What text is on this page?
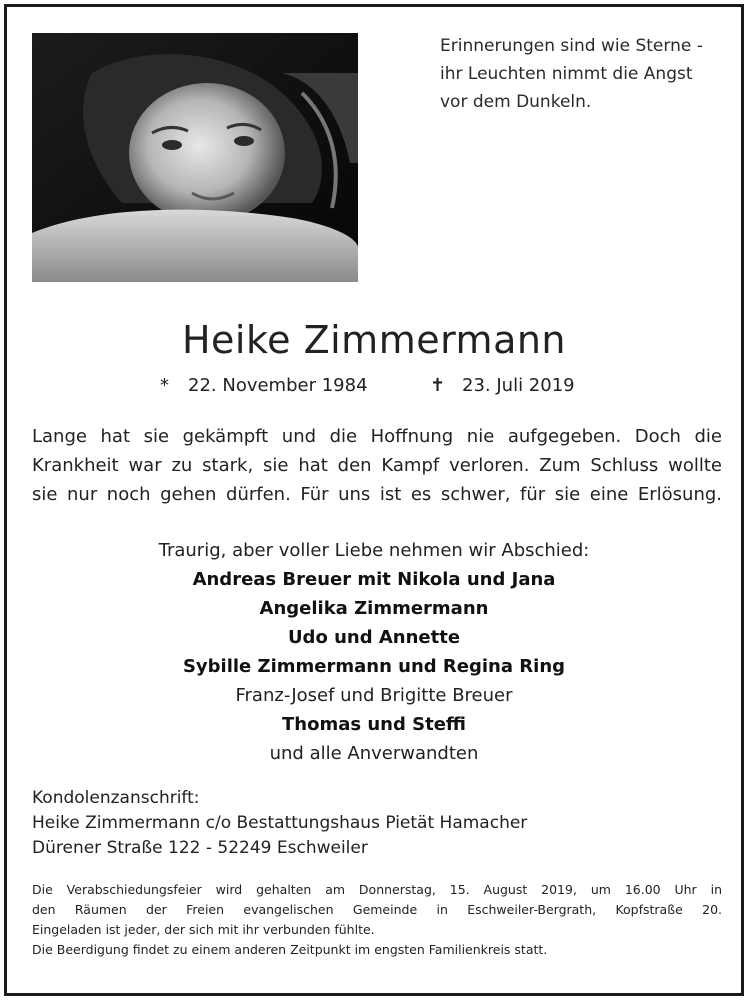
Erinnerungen sind wie Sterne -
ihr Leuchten nimmt die Angst
vor dem Dunkeln.
Heike Zimmermann
* 22. November 1984	✝ 23. Juli 2019
Lange hat sie gekämpft und die Hoffnung nie aufgegeben. Doch die
Krankheit war zu stark, sie hat den Kampf verloren. Zum Schluss wollte
sie nur noch gehen dürfen. Für uns ist es schwer, für sie eine Erlösung.
Traurig, aber voller Liebe nehmen wir Abschied:
Andreas Breuer mit Nikola und Jana
Angelika Zimmermann
Udo und Annette
Sybille Zimmermann und Regina Ring
Franz-Josef und Brigitte Breuer
Thomas und Steffi
und alle Anverwandten
Kondolenzanschrift:
Heike Zimmermann c/o Bestattungshaus Pietät Hamacher
Dürener Straße 122 - 52249 Eschweiler
Die Verabschiedungsfeier wird gehalten am Donnerstag, 15. August 2019, um 16.00 Uhr in
den Räumen der Freien evangelischen Gemeinde in Eschweiler-Bergrath, Kopfstraße 20.
Eingeladen ist jeder, der sich mit ihr verbunden fühlte.
Die Beerdigung findet zu einem anderen Zeitpunkt im engsten Familienkreis statt.
